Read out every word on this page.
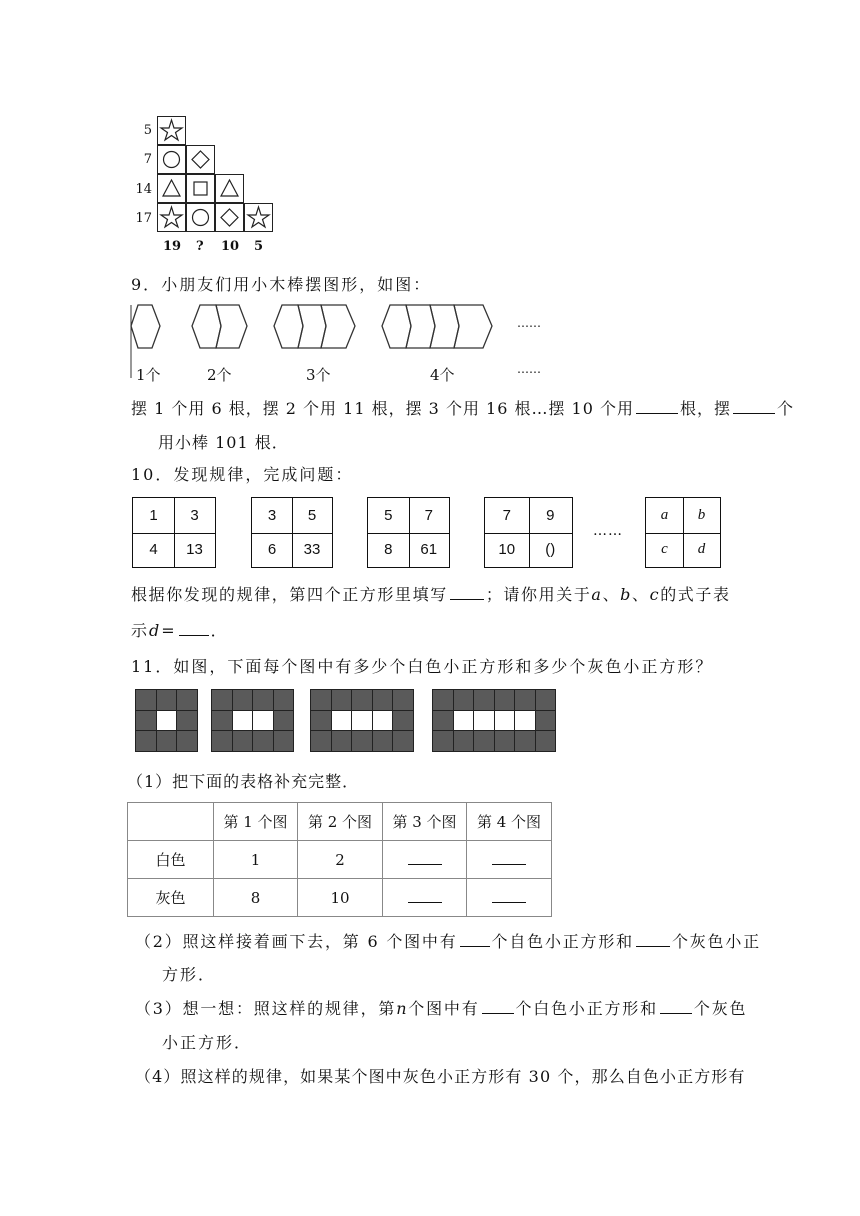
5
7
14
17
19 ? 10 5
9．小朋友们用小木棒摆图形，如图：
……
……
1个	2个	3个	4个
摆 1 个用 6 根，摆 2 个用 11 根，摆 3 个用 16 根…摆 10 个用	根，摆	个
用小棒 101 根．
10．发现规律，完成问题：
1	3
4	13
3	5
6	33
5	7
8	61
7	9
10	()
……
a	b
c	d
根据你发现的规律，第四个正方形里填写 ；请你用关于a、b、c的式子表
示d= ．
11．如图，下面每个图中有多少个白色小正方形和多少个灰色小正方形？
（1）把下面的表格补充完整．
	第 1 个图	第 2 个图	第 3 个图	第 4 个图
白色	1	2		
灰色	8	10		
（2）照这样接着画下去，第 6 个图中有 个自色小正方形和 个灰色小正
方形．
（3）想一想：照这样的规律，第n个图中有 个白色小正方形和 个灰色
小正方形．
（4）照这样的规律，如果某个图中灰色小正方形有 30 个，那么自色小正方形有
